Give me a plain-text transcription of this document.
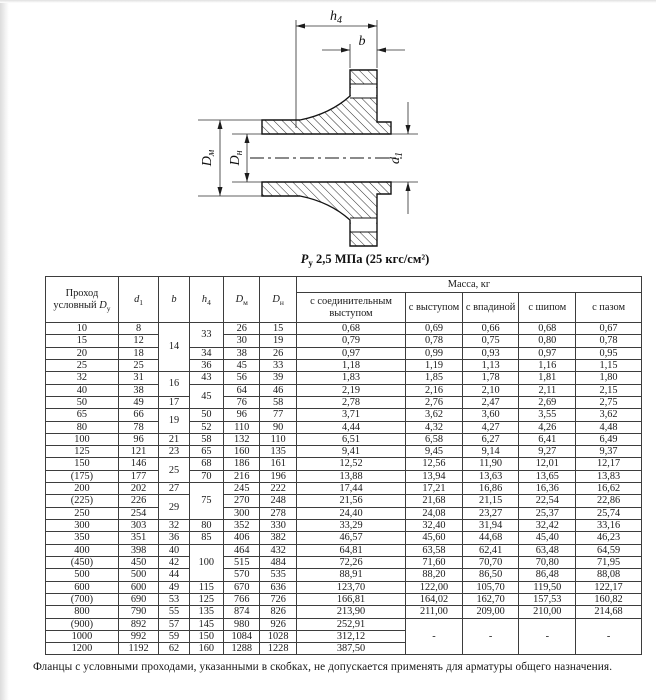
h4
b
Dм
Dн
d1
Pу 2,5 МПа (25 кгс/см²)
Проход
условный $D_у$	$d_1$	b	$h_4$	$D_м$	$D_н$	Масса, кг				
						с соединительным выступом	с выступом	с впадиной	с шипом	с пазом
10	8	14	33	26	15	0,68	0,69	0,66	0,68	0,67
15	12			30	19	0,79	0,78	0,75	0,80	0,78
20	18		34	38	26	0,97	0,99	0,93	0,97	0,95
25	25		36	45	33	1,18	1,19	1,13	1,16	1,15
32	31	16	43	56	39	1,83	1,85	1,78	1,81	1,80
40	38		45	64	46	2,19	2,16	2,10	2,11	2,15
50	49	17		76	58	2,78	2,76	2,47	2,69	2,75
65	66	19	50	96	77	3,71	3,62	3,60	3,55	3,62
80	78		52	110	90	4,44	4,32	4,27	4,26	4,48
100	96	21	58	132	110	6,51	6,58	6,27	6,41	6,49
125	121	23	65	160	135	9,41	9,45	9,14	9,27	9,37
150	146	25	68	186	161	12,52	12,56	11,90	12,01	12,17
(175)	177		70	216	196	13,88	13,94	13,63	13,65	13,83
200	202	27	75	245	222	17,44	17,21	16,86	16,36	16,62
(225)	226	29		270	248	21,56	21,68	21,15	22,54	22,86
250	254			300	278	24,40	24,08	23,27	25,37	25,74
300	303	32	80	352	330	33,29	32,40	31,94	32,42	33,16
350	351	36	85	406	382	46,57	45,60	44,68	45,40	46,23
400	398	40	100	464	432	64,81	63,58	62,41	63,48	64,59
(450)	450	42		515	484	72,26	71,60	70,70	70,80	71,95
500	500	44		570	535	88,91	88,20	86,50	86,48	88,08
600	600	49	115	670	636	123,70	122,00	105,70	119,50	122,17
(700)	690	53	125	766	726	166,81	164,02	162,70	157,53	160,82
800	790	55	135	874	826	213,90	211,00	209,00	210,00	214,68
(900)	892	57	145	980	926	252,91	-	-	-	-
1000	992	59	150	1084	1028	312,12				
1200	1192	62	160	1288	1228	387,50				
Фланцы с условными проходами, указанными в скобках, не допускается применять для арматуры общего назначения.
